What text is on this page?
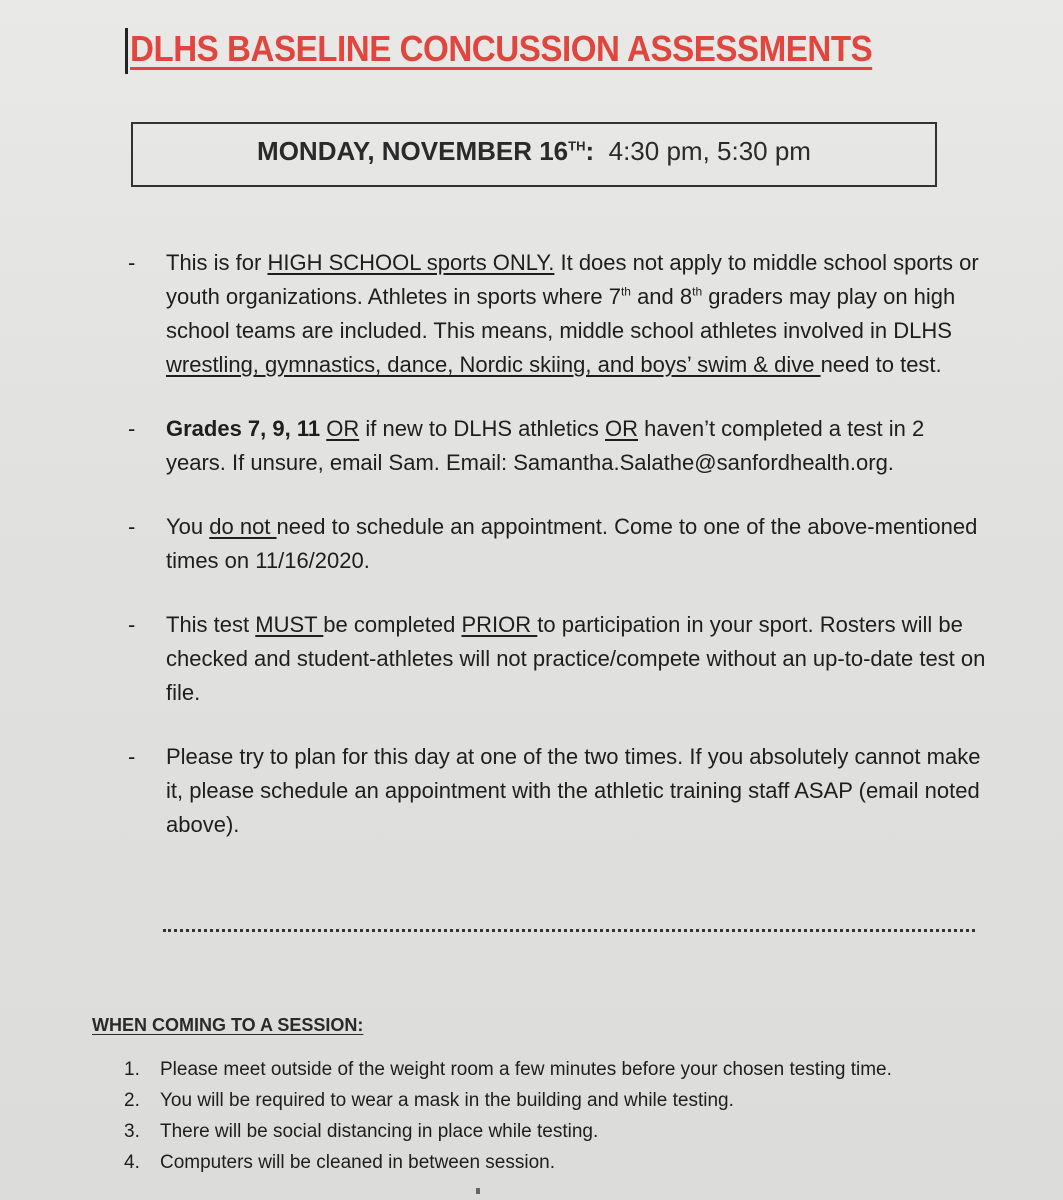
DLHS BASELINE CONCUSSION ASSESSMENTS
MONDAY, NOVEMBER 16TH: 4:30 pm, 5:30 pm
- This is for HIGH SCHOOL sports ONLY. It does not apply to middle school sports or youth organizations. Athletes in sports where 7th and 8th graders may play on high school teams are included. This means, middle school athletes involved in DLHS wrestling, gymnastics, dance, Nordic skiing, and boys’ swim & dive need to test.
- Grades 7, 9, 11 OR if new to DLHS athletics OR haven’t completed a test in 2 years. If unsure, email Sam. Email: Samantha.Salathe@sanfordhealth.org.
- You do not need to schedule an appointment. Come to one of the above-mentioned times on 11/16/2020.
- This test MUST be completed PRIOR to participation in your sport. Rosters will be checked and student-athletes will not practice/compete without an up-to-date test on file.
- Please try to plan for this day at one of the two times. If you absolutely cannot make it, please schedule an appointment with the athletic training staff ASAP (email noted above).
WHEN COMING TO A SESSION:
1. Please meet outside of the weight room a few minutes before your chosen testing time.
2. You will be required to wear a mask in the building and while testing.
3. There will be social distancing in place while testing.
4. Computers will be cleaned in between session.
